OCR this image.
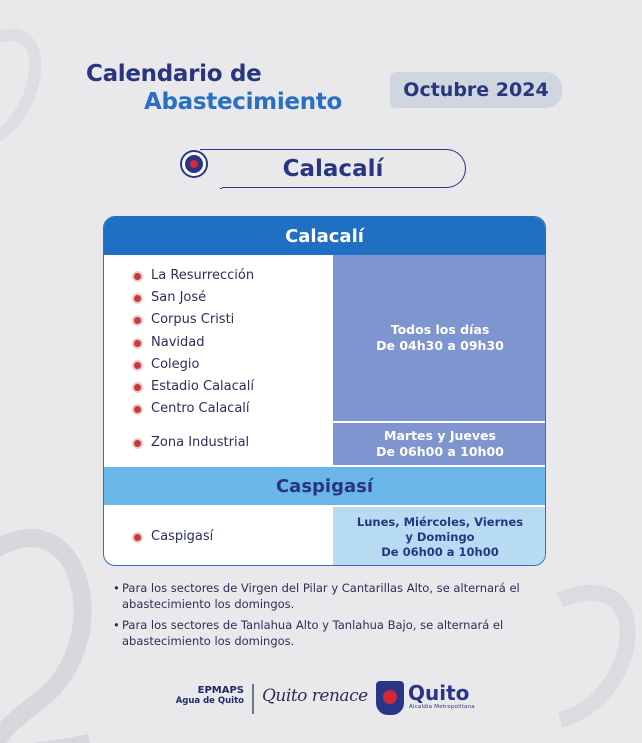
Calendario de
Abastecimiento	Octubre 2024
Calacalí
Calacalí
La Resurrección
San José
Corpus Cristi
Navidad
Colegio
Estadio Calacalí
Centro Calacalí
Todos los días
De 04h30 a 09h30
Zona Industrial	Martes y Jueves
De 06h00 a 10h00
Caspigasí
Caspigasí
Lunes, Miércoles, Viernes
y Domingo
De 06h00 a 10h00
• Para los sectores de Virgen del Pilar y Cantarillas Alto, se alternará el abastecimiento los domingos.
• Para los sectores de Tanlahua Alto y Tanlahua Bajo, se alternará el abastecimiento los domingos.
EPMAPS
Agua de Quito Quito renace Quito
Alcaldía Metropolitana
